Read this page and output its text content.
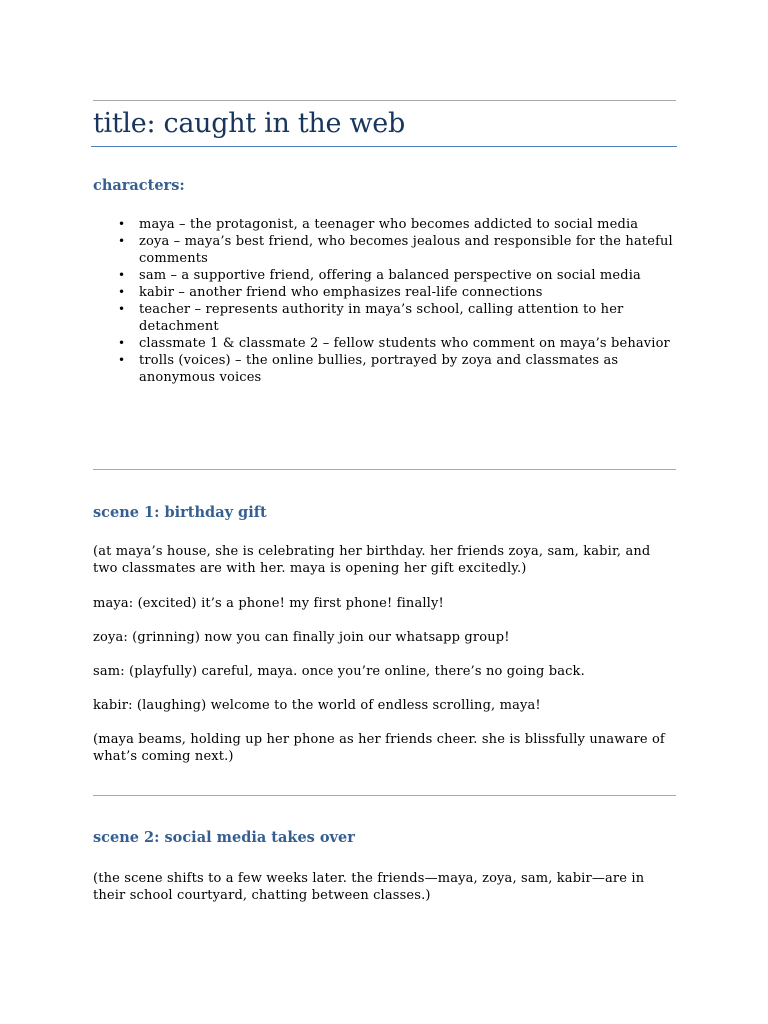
title: caught in the web
characters:
• maya – the protagonist, a teenager who becomes addicted to social media
• zoya – maya’s best friend, who becomes jealous and responsible for the hateful comments
• sam – a supportive friend, offering a balanced perspective on social media
• kabir – another friend who emphasizes real-life connections
• teacher – represents authority in maya’s school, calling attention to her detachment
• classmate 1 & classmate 2 – fellow students who comment on maya’s behavior
• trolls (voices) – the online bullies, portrayed by zoya and classmates as anonymous voices
scene 1: birthday gift

(at maya’s house, she is celebrating her birthday. her friends zoya, sam, kabir, and two classmates are with her. maya is opening her gift excitedly.)

maya: (excited) it’s a phone! my first phone! finally!

zoya: (grinning) now you can finally join our whatsapp group!

sam: (playfully) careful, maya. once you’re online, there’s no going back.

kabir: (laughing) welcome to the world of endless scrolling, maya!

(maya beams, holding up her phone as her friends cheer. she is blissfully unaware of what’s coming next.)

scene 2: social media takes over

(the scene shifts to a few weeks later. the friends—maya, zoya, sam, kabir—are in their school courtyard, chatting between classes.)
